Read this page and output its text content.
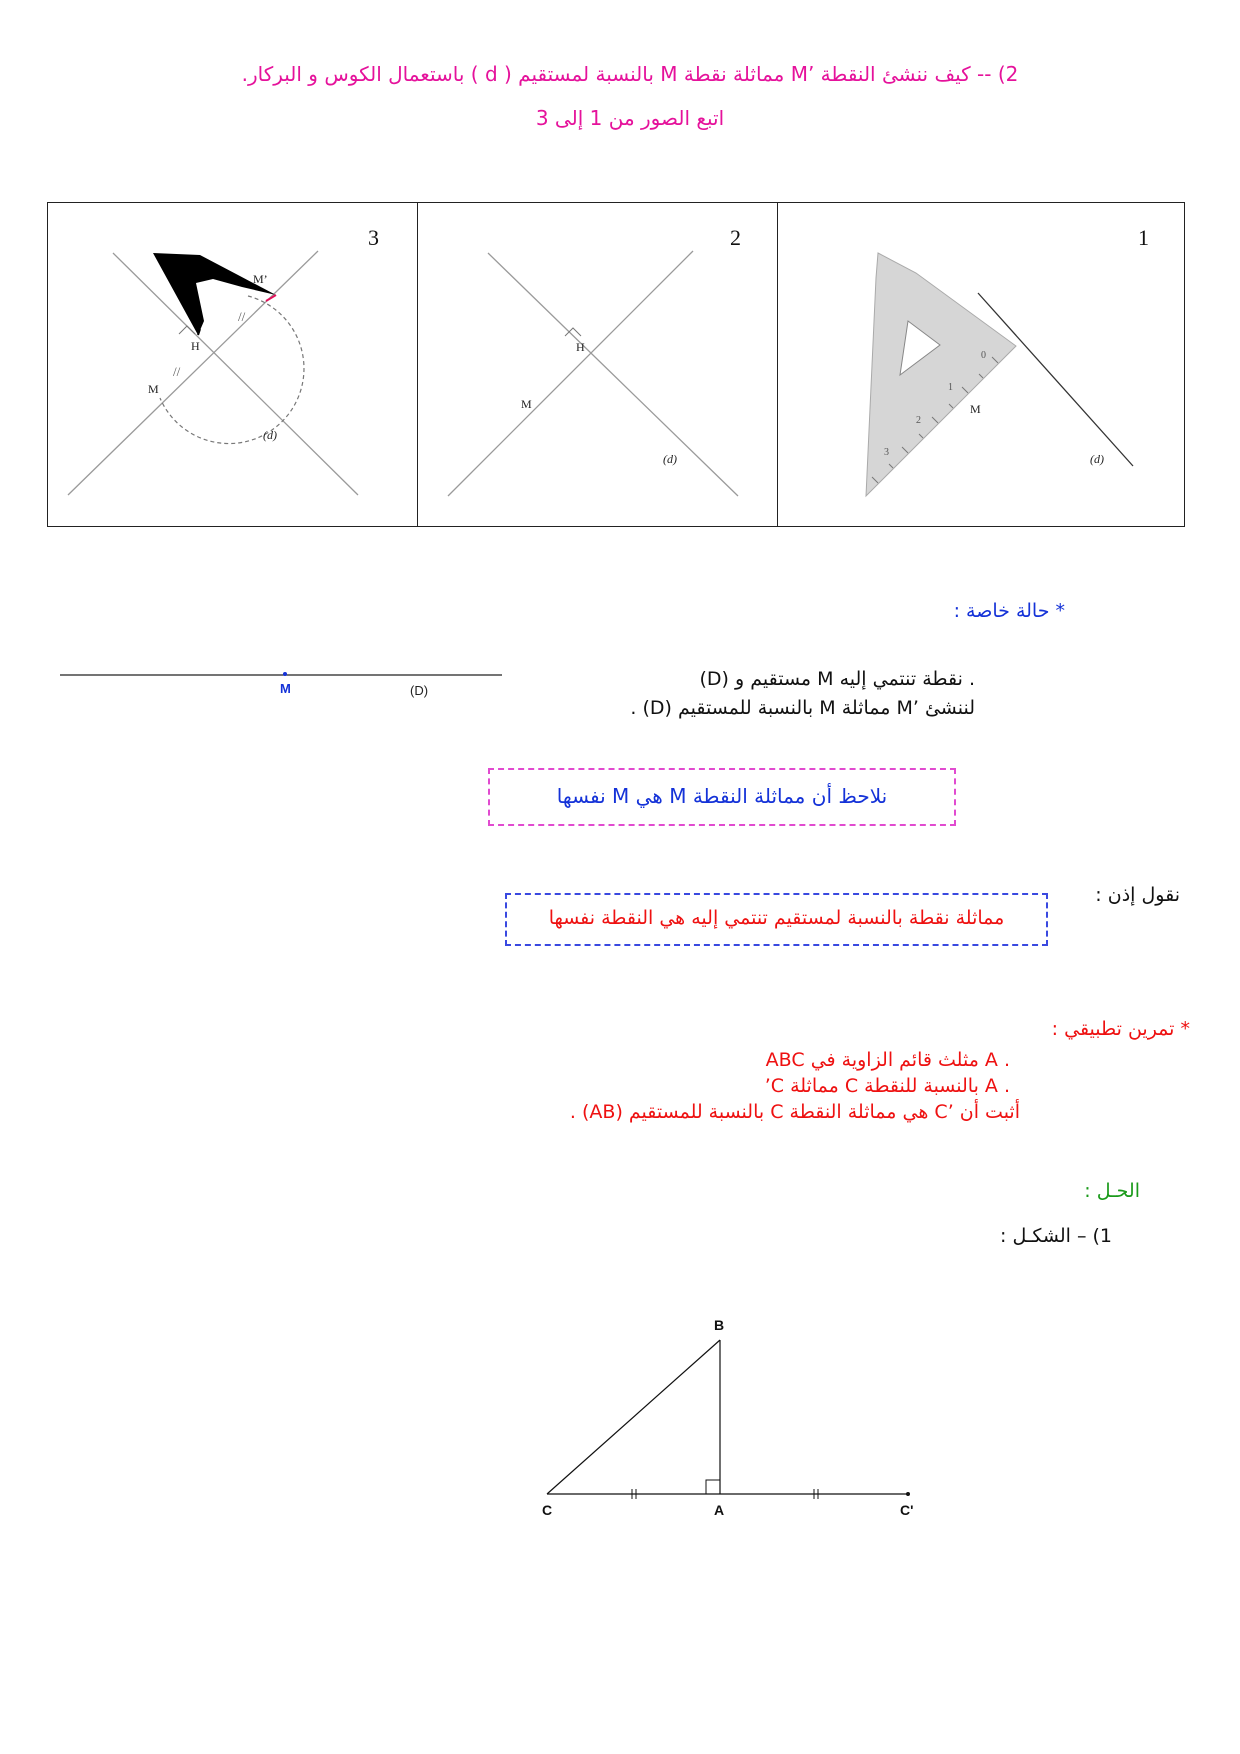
2) -- كيف ننشئ النقطة ’M مماثلة نقطة M بالنسبة لمستقيم ( d ) باستعمال الكوس و البركار.
اتبع الصور من 1 إلى 3
3
//
//
M
M’
H
(d)
2
M
H
(d)
1
0
1
2
3
M
(d)
* حالة خاصة :
M	(D)
(D) مستقيم و M نقطة تنتمي إليه .
لننشئ ’M مماثلة M بالنسبة للمستقيم (D) .
نلاحظ أن مماثلة النقطة M هي M نفسها
نقول إذن :
مماثلة نقطة بالنسبة لمستقيم تنتمي إليه هي النقطة نفسها
* تمرين تطبيقي :
ABC مثلث قائم الزاوية في A .
’C مماثلة C بالنسبة للنقطة A .
أثبت أن ’C هي مماثلة النقطة C بالنسبة للمستقيم (AB) .
الحـل :
1) – الشكـل :
B
C	A	C'
